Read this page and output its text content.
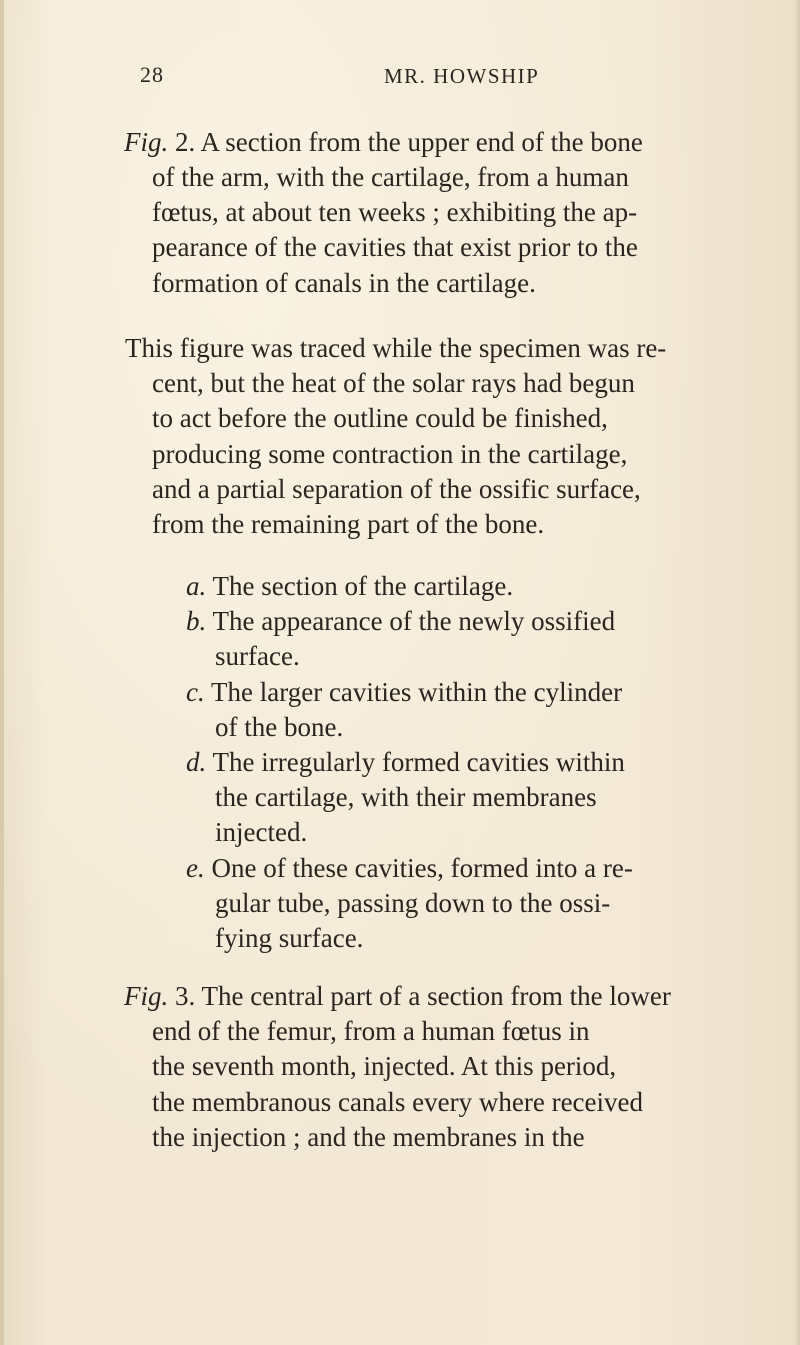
28	MR. HOWSHIP
Fig. 2. A section from the upper end of the bone
of the arm, with the cartilage, from a human
fœtus, at about ten weeks ; exhibiting the ap-
pearance of the cavities that exist prior to the
formation of canals in the cartilage.
This figure was traced while the specimen was re-
cent, but the heat of the solar rays had begun
to act before the outline could be finished,
producing some contraction in the cartilage,
and a partial separation of the ossific surface,
from the remaining part of the bone.
a. The section of the cartilage.
b. The appearance of the newly ossified
surface.
c. The larger cavities within the cylinder
of the bone.
d. The irregularly formed cavities within
the cartilage, with their membranes
injected.
e. One of these cavities, formed into a re-
gular tube, passing down to the ossi-
fying surface.
Fig. 3. The central part of a section from the lower
end of the femur, from a human fœtus in
the seventh month, injected. At this period,
the membranous canals every where received
the injection ; and the membranes in the
